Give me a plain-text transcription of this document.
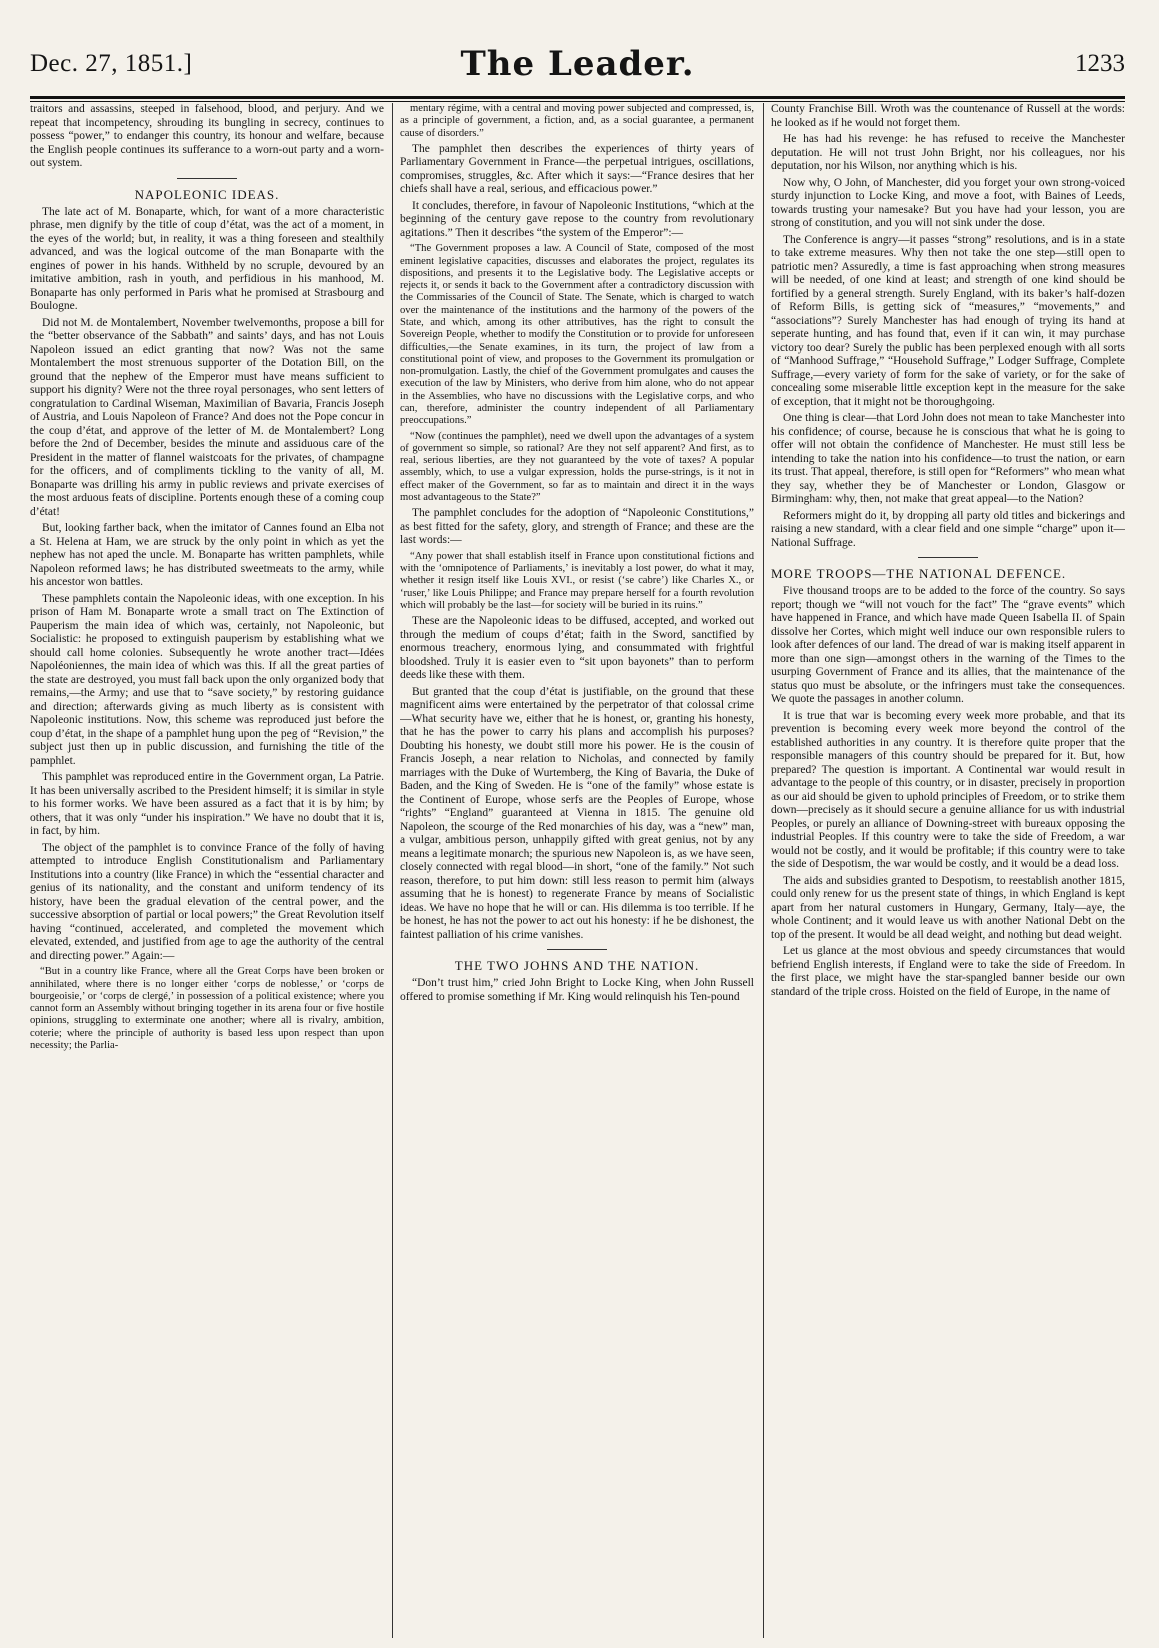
Dec. 27, 1851.]	The Leader.	1233

traitors and assassins, steeped in falsehood, blood, and perjury. And we repeat that incompetency, shrouding its bungling in secrecy, continues to possess “power,” to endanger this country, its honour and welfare, because the English people continues its sufferance to a worn-out party and a worn-out system.

NAPOLEONIC IDEAS.

The late act of M. Bonaparte, which, for want of a more characteristic phrase, men dignify by the title of coup d’état, was the act of a moment, in the eyes of the world; but, in reality, it was a thing foreseen and stealthily advanced, and was the logical outcome of the man Bonaparte with the engines of power in his hands. Withheld by no scruple, devoured by an imitative ambition, rash in youth, and perfidious in his manhood, M. Bonaparte has only performed in Paris what he promised at Strasbourg and Boulogne.

Did not M. de Montalembert, November twelvemonths, propose a bill for the “better observance of the Sabbath” and saints’ days, and has not Louis Napoleon issued an edict granting that now? Was not the same Montalembert the most strenuous supporter of the Dotation Bill, on the ground that the nephew of the Emperor must have means sufficient to support his dignity? Were not the three royal personages, who sent letters of congratulation to Cardinal Wiseman, Maximilian of Bavaria, Francis Joseph of Austria, and Louis Napoleon of France? And does not the Pope concur in the coup d’état, and approve of the letter of M. de Montalembert? Long before the 2nd of December, besides the minute and assiduous care of the President in the matter of flannel waistcoats for the privates, of champagne for the officers, and of compliments tickling to the vanity of all, M. Bonaparte was drilling his army in public reviews and private exercises of the most arduous feats of discipline. Portents enough these of a coming coup d’état!

But, looking farther back, when the imitator of Cannes found an Elba not a St. Helena at Ham, we are struck by the only point in which as yet the nephew has not aped the uncle. M. Bonaparte has written pamphlets, while Napoleon reformed laws; he has distributed sweetmeats to the army, while his ancestor won battles.

These pamphlets contain the Napoleonic ideas, with one exception. In his prison of Ham M. Bonaparte wrote a small tract on The Extinction of Pauperism the main idea of which was, certainly, not Napoleonic, but Socialistic: he proposed to extinguish pauperism by establishing what we should call home colonies. Subsequently he wrote another tract—Idées Napoléoniennes, the main idea of which was this. If all the great parties of the state are destroyed, you must fall back upon the only organized body that remains,—the Army; and use that to “save society,” by restoring guidance and direction; afterwards giving as much liberty as is consistent with Napoleonic institutions. Now, this scheme was reproduced just before the coup d’état, in the shape of a pamphlet hung upon the peg of “Revision,” the subject just then up in public discussion, and furnishing the title of the pamphlet.

This pamphlet was reproduced entire in the Government organ, La Patrie. It has been universally ascribed to the President himself; it is similar in style to his former works. We have been assured as a fact that it is by him; by others, that it was only “under his inspiration.” We have no doubt that it is, in fact, by him.

The object of the pamphlet is to convince France of the folly of having attempted to introduce English Constitutionalism and Parliamentary Institutions into a country (like France) in which the “essential character and genius of its nationality, and the constant and uniform tendency of its history, have been the gradual elevation of the central power, and the successive absorption of partial or local powers;” the Great Revolution itself having “continued, accelerated, and completed the movement which elevated, extended, and justified from age to age the authority of the central and directing power.” Again:—

“But in a country like France, where all the Great Corps have been broken or annihilated, where there is no longer either ‘corps de noblesse,’ or ‘corps de bourgeoisie,’ or ‘corps de clergé,’ in possession of a political existence; where you cannot form an Assembly without bringing together in its arena four or five hostile opinions, struggling to exterminate one another; where all is rivalry, ambition, coterie; where the principle of authority is based less upon respect than upon necessity; the Parlia-

mentary régime, with a central and moving power subjected and compressed, is, as a principle of government, a fiction, and, as a social guarantee, a permanent cause of disorders.”

The pamphlet then describes the experiences of thirty years of Parliamentary Government in France—the perpetual intrigues, oscillations, compromises, struggles, &c. After which it says:—“France desires that her chiefs shall have a real, serious, and efficacious power.”

It concludes, therefore, in favour of Napoleonic Institutions, “which at the beginning of the century gave repose to the country from revolutionary agitations.” Then it describes “the system of the Emperor”:—

“The Government proposes a law. A Council of State, composed of the most eminent legislative capacities, discusses and elaborates the project, regulates its dispositions, and presents it to the Legislative body. The Legislative accepts or rejects it, or sends it back to the Government after a contradictory discussion with the Commissaries of the Council of State. The Senate, which is charged to watch over the maintenance of the institutions and the harmony of the powers of the State, and which, among its other attributives, has the right to consult the Sovereign People, whether to modify the Constitution or to provide for unforeseen difficulties,—the Senate examines, in its turn, the project of law from a constitutional point of view, and proposes to the Government its promulgation or non-promulgation. Lastly, the chief of the Government promulgates and causes the execution of the law by Ministers, who derive from him alone, who do not appear in the Assemblies, who have no discussions with the Legislative corps, and who can, therefore, administer the country independent of all Parliamentary preoccupations.”

“Now (continues the pamphlet), need we dwell upon the advantages of a system of government so simple, so rational? Are they not self apparent? And first, as to real, serious liberties, are they not guaranteed by the vote of taxes? A popular assembly, which, to use a vulgar expression, holds the purse-strings, is it not in effect maker of the Government, so far as to maintain and direct it in the ways most advantageous to the State?”

The pamphlet concludes for the adoption of “Napoleonic Constitutions,” as best fitted for the safety, glory, and strength of France; and these are the last words:—

“Any power that shall establish itself in France upon constitutional fictions and with the ‘omnipotence of Parliaments,’ is inevitably a lost power, do what it may, whether it resign itself like Louis XVI., or resist (‘se cabre’) like Charles X., or ‘ruser,’ like Louis Philippe; and France may prepare herself for a fourth revolution which will probably be the last—for society will be buried in its ruins.”

These are the Napoleonic ideas to be diffused, accepted, and worked out through the medium of coups d’état; faith in the Sword, sanctified by enormous treachery, enormous lying, and consummated with frightful bloodshed. Truly it is easier even to “sit upon bayonets” than to perform deeds like these with them.

But granted that the coup d’état is justifiable, on the ground that these magnificent aims were entertained by the perpetrator of that colossal crime—What security have we, either that he is honest, or, granting his honesty, that he has the power to carry his plans and accomplish his purposes? Doubting his honesty, we doubt still more his power. He is the cousin of Francis Joseph, a near relation to Nicholas, and connected by family marriages with the Duke of Wurtemberg, the King of Bavaria, the Duke of Baden, and the King of Sweden. He is “one of the family” whose estate is the Continent of Europe, whose serfs are the Peoples of Europe, whose “rights” “England” guaranteed at Vienna in 1815. The genuine old Napoleon, the scourge of the Red monarchies of his day, was a “new” man, a vulgar, ambitious person, unhappily gifted with great genius, not by any means a legitimate monarch; the spurious new Napoleon is, as we have seen, closely connected with regal blood—in short, “one of the family.” Not such reason, therefore, to put him down: still less reason to permit him (always assuming that he is honest) to regenerate France by means of Socialistic ideas. We have no hope that he will or can. His dilemma is too terrible. If he be honest, he has not the power to act out his honesty: if he be dishonest, the faintest palliation of his crime vanishes.

THE TWO JOHNS AND THE NATION.

“Don’t trust him,” cried John Bright to Locke King, when John Russell offered to promise something if Mr. King would relinquish his Ten-pound

County Franchise Bill. Wroth was the countenance of Russell at the words: he looked as if he would not forget them.

He has had his revenge: he has refused to receive the Manchester deputation. He will not trust John Bright, nor his colleagues, nor his deputation, nor his Wilson, nor anything which is his.

Now why, O John, of Manchester, did you forget your own strong-voiced sturdy injunction to Locke King, and move a foot, with Baines of Leeds, towards trusting your namesake? But you have had your lesson, you are strong of constitution, and you will not sink under the dose.

The Conference is angry—it passes “strong” resolutions, and is in a state to take extreme measures. Why then not take the one step—still open to patriotic men? Assuredly, a time is fast approaching when strong measures will be needed, of one kind at least; and strength of one kind should be fortified by a general strength. Surely England, with its baker’s half-dozen of Reform Bills, is getting sick of “measures,” “movements,” and “associations”? Surely Manchester has had enough of trying its hand at seperate hunting, and has found that, even if it can win, it may purchase victory too dear? Surely the public has been perplexed enough with all sorts of “Manhood Suffrage,” “Household Suffrage,” Lodger Suffrage, Complete Suffrage,—every variety of form for the sake of variety, or for the sake of concealing some miserable little exception kept in the measure for the sake of exception, that it might not be thoroughgoing.

One thing is clear—that Lord John does not mean to take Manchester into his confidence; of course, because he is conscious that what he is going to offer will not obtain the confidence of Manchester. He must still less be intending to take the nation into his confidence—to trust the nation, or earn its trust. That appeal, therefore, is still open for “Reformers” who mean what they say, whether they be of Manchester or London, Glasgow or Birmingham: why, then, not make that great appeal—to the Nation?

Reformers might do it, by dropping all party old titles and bickerings and raising a new standard, with a clear field and one simple “charge” upon it—National Suffrage.

MORE TROOPS—THE NATIONAL DEFENCE.

Five thousand troops are to be added to the force of the country. So says report; though we “will not vouch for the fact” The “grave events” which have happened in France, and which have made Queen Isabella II. of Spain dissolve her Cortes, which might well induce our own responsible rulers to look after defences of our land. The dread of war is making itself apparent in more than one sign—amongst others in the warning of the Times to the usurping Government of France and its allies, that the maintenance of the status quo must be absolute, or the infringers must take the consequences. We quote the passages in another column.

It is true that war is becoming every week more probable, and that its prevention is becoming every week more beyond the control of the established authorities in any country. It is therefore quite proper that the responsible managers of this country should be prepared for it. But, how prepared? The question is important. A Continental war would result in advantage to the people of this country, or in disaster, precisely in proportion as our aid should be given to uphold principles of Freedom, or to strike them down—precisely as it should secure a genuine alliance for us with industrial Peoples, or purely an alliance of Downing-street with bureaux opposing the industrial Peoples. If this country were to take the side of Freedom, a war would not be costly, and it would be profitable; if this country were to take the side of Despotism, the war would be costly, and it would be a dead loss.

The aids and subsidies granted to Despotism, to reestablish another 1815, could only renew for us the present state of things, in which England is kept apart from her natural customers in Hungary, Germany, Italy—aye, the whole Continent; and it would leave us with another National Debt on the top of the present. It would be all dead weight, and nothing but dead weight.

Let us glance at the most obvious and speedy circumstances that would befriend English interests, if England were to take the side of Freedom. In the first place, we might have the star-spangled banner beside our own standard of the triple cross. Hoisted on the field of Europe, in the name of
